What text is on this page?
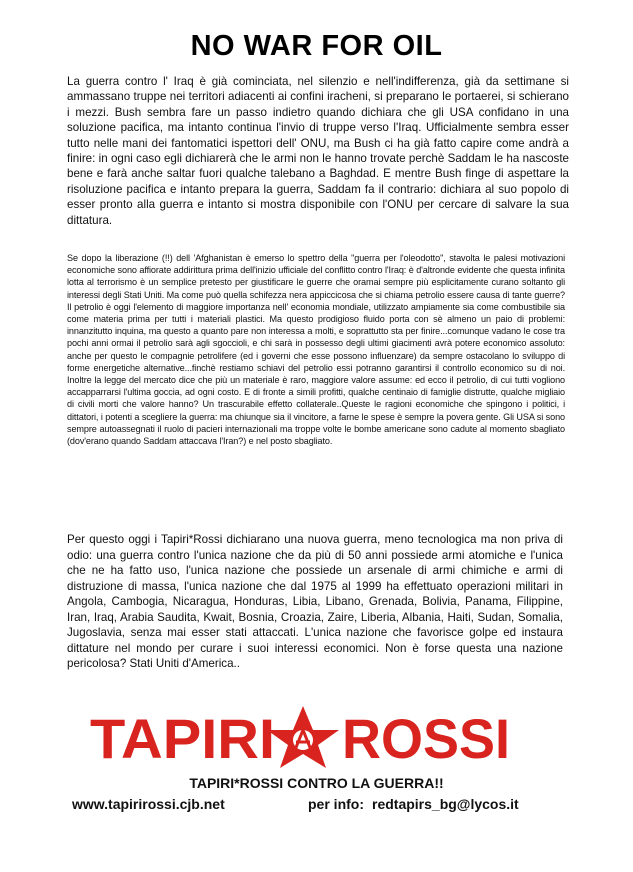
NO WAR FOR OIL

La guerra contro l' Iraq è già cominciata, nel silenzio e nell'indifferenza, già da settimane si ammassano truppe nei territori adiacenti ai confini iracheni, si preparano le portaerei, si schierano i mezzi. Bush sembra fare un passo indietro quando dichiara che gli USA confidano in una soluzione pacifica, ma intanto continua l'invio di truppe verso l'Iraq. Ufficialmente sembra esser tutto nelle mani dei fantomatici ispettori dell' ONU, ma Bush ci ha già fatto capire come andrà a finire: in ogni caso egli dichiarerà che le armi non le hanno trovate perchè Saddam le ha nascoste bene e farà anche saltar fuori qualche talebano a Baghdad. E mentre Bush finge di aspettare la risoluzione pacifica e intanto prepara la guerra, Saddam fa il contrario: dichiara al suo popolo di esser pronto alla guerra e intanto si mostra disponibile con l'ONU per cercare di salvare la sua dittatura.

Se dopo la liberazione (!!) dell 'Afghanistan è emerso lo spettro della "guerra per l'oleodotto", stavolta le palesi motivazioni economiche sono affiorate addirittura prima dell'inizio ufficiale del conflitto contro l'Iraq: è d'altronde evidente che questa infinita lotta al terrorismo è un semplice pretesto per giustificare le guerre che oramai sempre più esplicitamente curano soltanto gli interessi degli Stati Uniti. Ma come può quella schifezza nera appiccicosa che si chiama petrolio essere causa di tante guerre? Il petrolio è oggi l'elemento di maggiore importanza nell' economia mondiale, utilizzato ampiamente sia come combustibile sia come materia prima per tutti i materiali plastici. Ma questo prodigioso fluido porta con sè almeno un paio di problemi: innanzitutto inquina, ma questo a quanto pare non interessa a molti, e soprattutto sta per finire...comunque vadano le cose tra pochi anni ormai il petrolio sarà agli sgoccioli, e chi sarà in possesso degli ultimi giacimenti avrà potere economico assoluto: anche per questo le compagnie petrolifere (ed i governi che esse possono influenzare) da sempre ostacolano lo sviluppo di forme energetiche alternative...finchè restiamo schiavi del petrolio essi potranno garantirsi il controllo economico su di noi. Inoltre la legge del mercato dice che più un materiale è raro, maggiore valore assume: ed ecco il petrolio, di cui tutti vogliono accapparrarsi l'ultima goccia, ad ogni costo. E di fronte a simili profitti, qualche centinaio di famiglie distrutte, qualche migliaio di civili morti che valore hanno? Un trascurabile effetto collaterale..Queste le ragioni economiche che spingono i politici, i dittatori, i potenti a scegliere la guerra: ma chiunque sia il vincitore, a farne le spese è sempre la povera gente. Gli USA si sono sempre autoassegnati il ruolo di pacieri internazionali ma troppe volte le bombe americane sono cadute al momento sbagliato (dov'erano quando Saddam attaccava l'Iran?) e nel posto sbagliato.

Per questo oggi i Tapiri*Rossi dichiarano una nuova guerra, meno tecnologica ma non priva di odio: una guerra contro l'unica nazione che da più di 50 anni possiede armi atomiche e l'unica che ne ha fatto uso, l'unica nazione che possiede un arsenale di armi chimiche e armi di distruzione di massa, l'unica nazione che dal 1975 al 1999 ha effettuato operazioni militari in Angola, Cambogia, Nicaragua, Honduras, Libia, Libano, Grenada, Bolivia, Panama, Filippine, Iran, Iraq, Arabia Saudita, Kwait, Bosnia, Croazia, Zaire, Liberia, Albania, Haiti, Sudan, Somalia, Jugoslavia, senza mai esser stati attaccati. L'unica nazione che favorisce golpe ed instaura dittature nel mondo per curare i suoi interessi economici. Non è forse questa una nazione pericolosa? Stati Uniti d'America..

TAPIRI ROSSI
TAPIRI*ROSSI CONTRO LA GUERRA!!
www.tapirirossi.cjb.net	per info: redtapirs_bg@lycos.it
